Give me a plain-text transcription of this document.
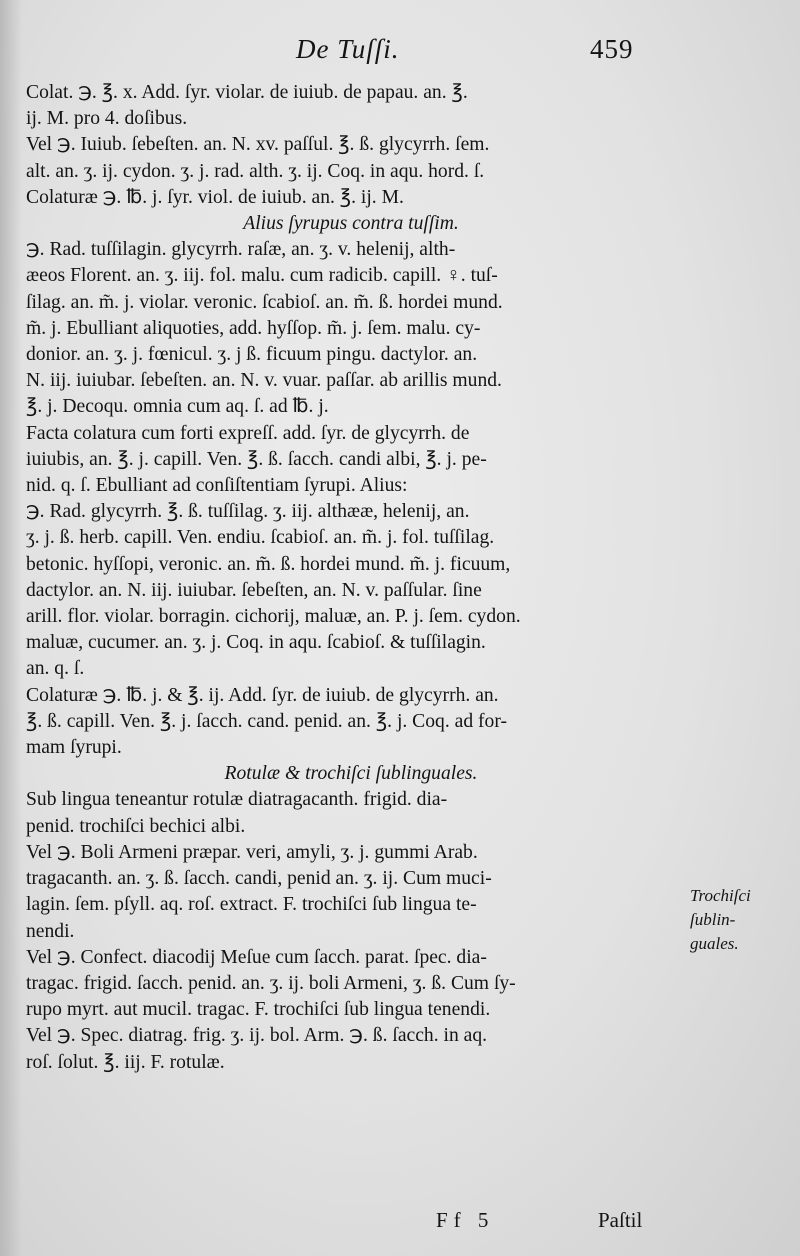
De Tuſſi.	459
Colat. ℈. ℥. x. Add. ſyr. violar. de iuiub. de papau. an. ℥.
ij. M. pro 4. doſibus.
Vel ℈. Iuiub. ſebeſten. an. N. xv. paſſul. ℥. ß. glycyrrh. ſem.
alt. an. ʒ. ij. cydon. ʒ. j. rad. alth. ʒ. ij. Coq. in aqu. hord. ſ.
Colaturæ ℈. ℔. j. ſyr. viol. de iuiub. an. ℥. ij. M.
Alius ſyrupus contra tuſſim.
℈. Rad. tuſſilagin. glycyrrh. raſæ, an. ʒ. v. helenij, alth-
æeos Florent. an. ʒ. iij. fol. malu. cum radicib. capill. ♀. tuſ-
ſilag. an. m̃. j. violar. veronic. ſcabioſ. an. m̃. ß. hordei mund.
m̃. j. Ebulliant aliquoties, add. hyſſop. m̃. j. ſem. malu. cy-
donior. an. ʒ. j. fœnicul. ʒ. j ß. ficuum pingu. dactylor. an.
N. iij. iuiubar. ſebeſten. an. N. v. vuar. paſſar. ab arillis mund.
℥. j. Decoqu. omnia cum aq. ſ. ad ℔. j.
Facta colatura cum forti expreſſ. add. ſyr. de glycyrrh. de
iuiubis, an. ℥. j. capill. Ven. ℥. ß. ſacch. candi albi, ℥. j. pe-
nid. q. ſ. Ebulliant ad conſiſtentiam ſyrupi. Alius:
℈. Rad. glycyrrh. ℥. ß. tuſſilag. ʒ. iij. althææ, helenij, an.
ʒ. j. ß. herb. capill. Ven. endiu. ſcabioſ. an. m̃. j. fol. tuſſilag.
betonic. hyſſopi, veronic. an. m̃. ß. hordei mund. m̃. j. ficuum,
dactylor. an. N. iij. iuiubar. ſebeſten, an. N. v. paſſular. ſine
arill. flor. violar. borragin. cichorij, maluæ, an. P. j. ſem. cydon.
maluæ, cucumer. an. ʒ. j. Coq. in aqu. ſcabioſ. & tuſſilagin.
an. q. ſ.
Colaturæ ℈. ℔. j. & ℥. ij. Add. ſyr. de iuiub. de glycyrrh. an.
℥. ß. capill. Ven. ℥. j. ſacch. cand. penid. an. ℥. j. Coq. ad for-
mam ſyrupi.
Rotulæ & trochiſci ſublinguales.
Sub lingua teneantur rotulæ diatragacanth. frigid. dia-
penid. trochiſci bechici albi.
Vel ℈. Boli Armeni præpar. veri, amyli, ʒ. j. gummi Arab.
tragacanth. an. ʒ. ß. ſacch. candi, penid an. ʒ. ij. Cum muci-
lagin. ſem. pſyll. aq. roſ. extract. F. trochiſci ſub lingua te-
nendi.
Vel ℈. Confect. diacodij Meſue cum ſacch. parat. ſpec. dia-
tragac. frigid. ſacch. penid. an. ʒ. ij. boli Armeni, ʒ. ß. Cum ſy-
rupo myrt. aut mucil. tragac. F. trochiſci ſub lingua tenendi.
Vel ℈. Spec. diatrag. frig. ʒ. ij. bol. Arm. ℈. ß. ſacch. in aq.
roſ. ſolut. ℥. iij. F. rotulæ.
Trochiſci
ſublin-
guales.
Ff 5	Paſtil
